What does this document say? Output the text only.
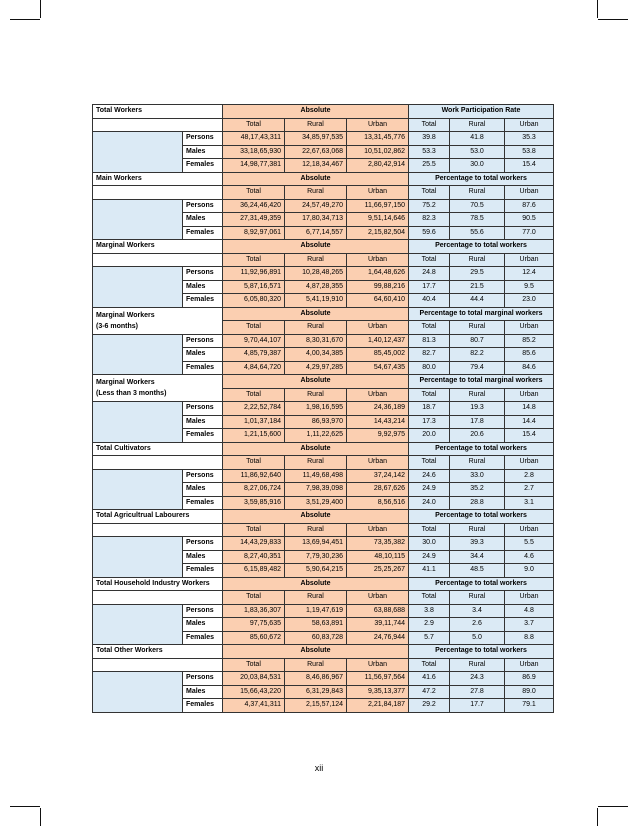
Total Workers		Absolute			Work Participation Rate		
		Total	Rural	Urban	Total	Rural	Urban
	Persons	48,17,43,311	34,85,97,535	13,31,45,776	39.8	41.8	35.3
	Males	33,18,65,930	22,67,63,068	10,51,02,862	53.3	53.0	53.8
	Females	14,98,77,381	12,18,34,467	2,80,42,914	25.5	30.0	15.4
Main Workers		Absolute			Percentage to total workers		
		Total	Rural	Urban	Total	Rural	Urban
	Persons	36,24,46,420	24,57,49,270	11,66,97,150	75.2	70.5	87.6
	Males	27,31,49,359	17,80,34,713	9,51,14,646	82.3	78.5	90.5
	Females	8,92,97,061	6,77,14,557	2,15,82,504	59.6	55.6	77.0
Marginal Workers		Absolute			Percentage to total workers		
		Total	Rural	Urban	Total	Rural	Urban
	Persons	11,92,96,891	10,28,48,265	1,64,48,626	24.8	29.5	12.4
	Males	5,87,16,571	4,87,28,355	99,88,216	17.7	21.5	9.5
	Females	6,05,80,320	5,41,19,910	64,60,410	40.4	44.4	23.0
Marginal Workers
(3-6 months)		Absolute			Percentage to total marginal workers		
		Total	Rural	Urban	Total	Rural	Urban
	Persons	9,70,44,107	8,30,31,670	1,40,12,437	81.3	80.7	85.2
	Males	4,85,79,387	4,00,34,385	85,45,002	82.7	82.2	85.6
	Females	4,84,64,720	4,29,97,285	54,67,435	80.0	79.4	84.6
Marginal Workers
(Less than 3 months)		Absolute			Percentage to total marginal workers		
		Total	Rural	Urban	Total	Rural	Urban
	Persons	2,22,52,784	1,98,16,595	24,36,189	18.7	19.3	14.8
	Males	1,01,37,184	86,93,970	14,43,214	17.3	17.8	14.4
	Females	1,21,15,600	1,11,22,625	9,92,975	20.0	20.6	15.4
Total Cultivators		Absolute			Percentage to total workers		
		Total	Rural	Urban	Total	Rural	Urban
	Persons	11,86,92,640	11,49,68,498	37,24,142	24.6	33.0	2.8
	Males	8,27,06,724	7,98,39,098	28,67,626	24.9	35.2	2.7
	Females	3,59,85,916	3,51,29,400	8,56,516	24.0	28.8	3.1
Total Agricultrual Labourers		Absolute			Percentage to total workers		
		Total	Rural	Urban	Total	Rural	Urban
	Persons	14,43,29,833	13,69,94,451	73,35,382	30.0	39.3	5.5
	Males	8,27,40,351	7,79,30,236	48,10,115	24.9	34.4	4.6
	Females	6,15,89,482	5,90,64,215	25,25,267	41.1	48.5	9.0
Total Household Industry Workers		Absolute			Percentage to total workers		
		Total	Rural	Urban	Total	Rural	Urban
	Persons	1,83,36,307	1,19,47,619	63,88,688	3.8	3.4	4.8
	Males	97,75,635	58,63,891	39,11,744	2.9	2.6	3.7
	Females	85,60,672	60,83,728	24,76,944	5.7	5.0	8.8
Total Other Workers		Absolute			Percentage to total workers		
		Total	Rural	Urban	Total	Rural	Urban
	Persons	20,03,84,531	8,46,86,967	11,56,97,564	41.6	24.3	86.9
	Males	15,66,43,220	6,31,29,843	9,35,13,377	47.2	27.8	89.0
	Females	4,37,41,311	2,15,57,124	2,21,84,187	29.2	17.7	79.1
xii
